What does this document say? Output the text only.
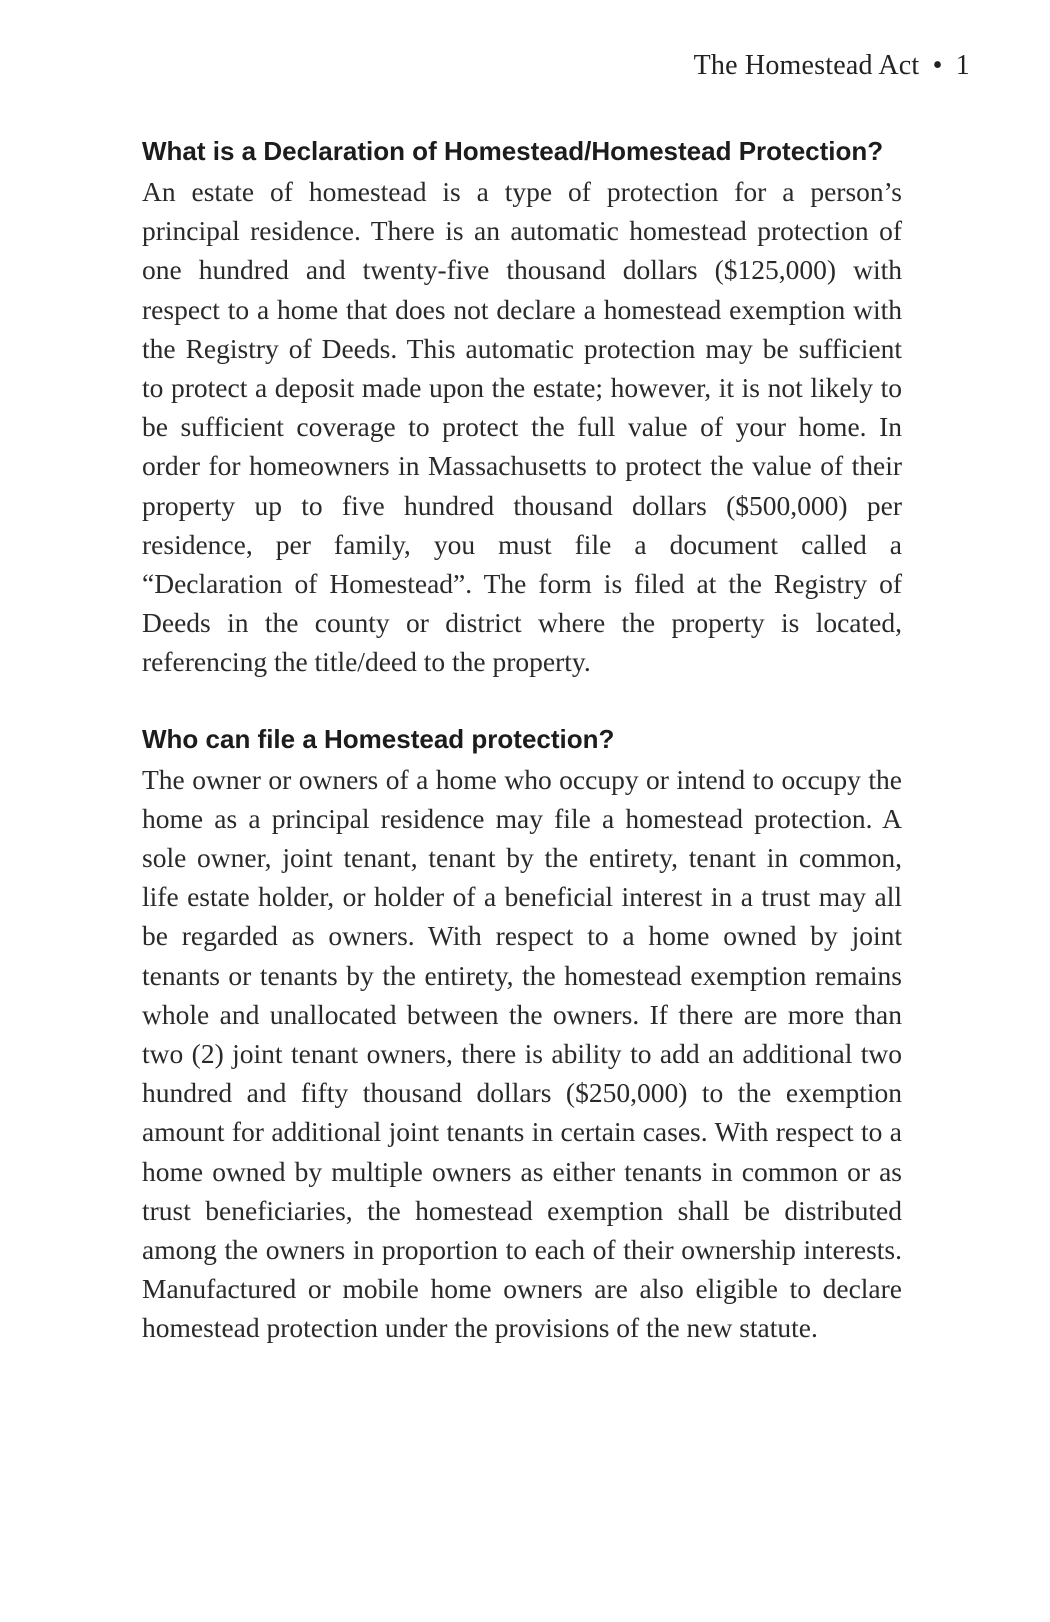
The Homestead Act • 1
What is a Declaration of Homestead/Homestead Protection?

An estate of homestead is a type of protection for a person’s principal residence. There is an automatic homestead protection of one hundred and twenty-five thousand dollars ($125,000) with respect to a home that does not declare a homestead exemption with the Registry of Deeds. This automatic protection may be sufficient to protect a deposit made upon the estate; however, it is not likely to be sufficient coverage to protect the full value of your home. In order for homeowners in Massachusetts to protect the value of their property up to five hundred thousand dollars ($500,000) per residence, per family, you must file a document called a “Declaration of Homestead”. The form is filed at the Registry of Deeds in the county or district where the property is located, referencing the title/deed to the property.

Who can file a Homestead protection?

The owner or owners of a home who occupy or intend to occupy the home as a principal residence may file a homestead protection. A sole owner, joint tenant, tenant by the entirety, tenant in common, life estate holder, or holder of a beneficial interest in a trust may all be regarded as owners. With respect to a home owned by joint tenants or tenants by the entirety, the homestead exemption remains whole and unallocated between the owners. If there are more than two (2) joint tenant owners, there is ability to add an additional two hundred and fifty thousand dollars ($250,000) to the exemption amount for additional joint tenants in certain cases. With respect to a home owned by multiple owners as either tenants in common or as trust beneficiaries, the homestead exemption shall be distributed among the owners in proportion to each of their ownership interests. Manufactured or mobile home owners are also eligible to declare homestead protection under the provisions of the new statute.
